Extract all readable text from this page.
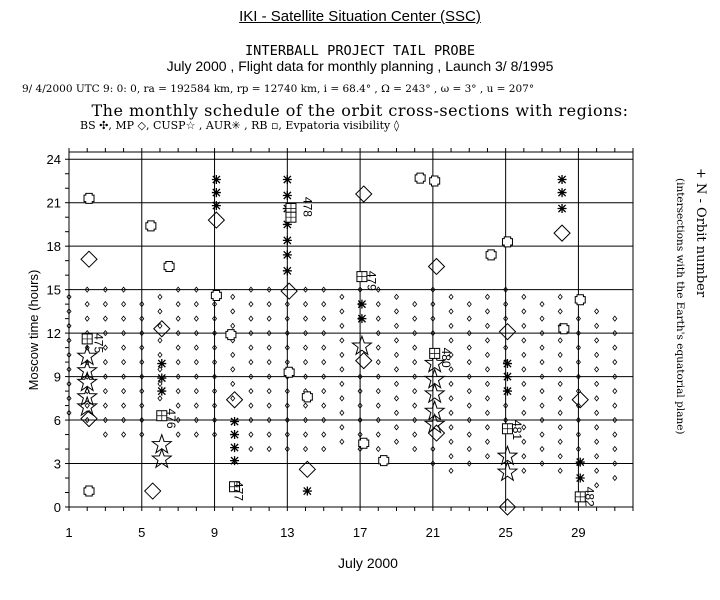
IKI - Satellite Situation Center (SSC)
INTERBALL PROJECT TAIL PROBE
July 2000 , Flight data for monthly planning , Launch 3/ 8/1995
9/ 4/2000 UTC 9: 0: 0, ra = 192584 km, rp = 12740 km, i = 68.4° , Ω = 243° , ω = 3° , u = 207°
The monthly schedule of the orbit cross-sections with regions:
BS ✣, MP ◇, CUSP☆ , AUR✳ , RB ▫, Evpatoria visibility ◊
0
3
6
9
12
15
18
21
24
1	5	9	13	17	21	25	29
475
476
477
478
479
480
481
482
July 2000
Moscow time (hours)
+ N - Orbit number
(intersections with the Earth's equatorial plane)
